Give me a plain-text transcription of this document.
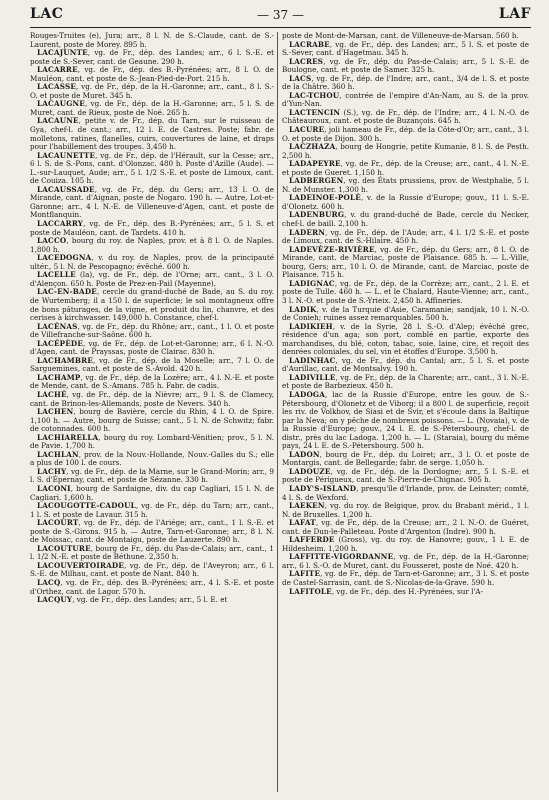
LAC	— 37 —	LAF

Rouges-Truites (e), Jura; arr., 8 l. N. de S.-Claude, cant. de S.-Laurent, poste de Morey. 895 h.

LACAJUNTE, vg. de Fr., dép. des Landes; arr., 6 l. S.-E. et poste de S.-Sever, cant. de Geaune. 290 h.

LACARRE, vg. de Fr., dép. des B.-Pyrénées; arr., 8 l. O. de Mauléon, cant. et poste de S.-Jean-Pied-de-Port. 215 h.

LACASSE, vg. de Fr., dép. de la H.-Garonne; arr., cant., 8 l. S.-O. et poste de Muret. 345 h.

LACAUGNE, vg. de Fr., dép. de la H.-Garonne; arr., 5 l. S. de Muret, cant. de Rieux, poste de Noé. 265 h.

LACAUNE, petite v. de Fr., dép. du Tarn, sur le ruisseau de Gya, chef-l. de cant.; arr., 12 l. E. de Castres. Poste; fabr. de molletons, ratines, flanelles, cuirs, couvertures de laine, et draps pour l'habillement des troupes. 3,450 h.

LACAUNETTE, vg. de Fr., dép. de l'Hérault, sur la Cesse; arr., 6 l. S. de S.-Pons, cant. d'Olonzac. 480 h. Poste d'Azille (Aude). — L.-sur-Lauquet, Aude; arr., 5 l. 1/2 S.-E. et poste de Limoux, cant. de Couiza. 105 h.

LACAUSSADE, vg. de Fr., dép. du Gers; arr., 13 l. O. de Mirande, cant. d'Aignan, poste de Nogaro. 190 h. — Autre, Lot-et-Garonne; arr., 4 l. N.-E. de Villeneuve-d'Agen, cant. et poste de Montflanquin.

LACCARRY, vg. de Fr., dép. des B.-Pyrénées; arr., 5 l. S. et poste de Mauléon, cant. de Tardets. 410 h.

LACCO, bourg du roy. de Naples, prov. et à 8 l. O. de Naples. 1,800 h.

LACEDOGNA, v. du roy. de Naples, prov. de la principauté ultér., 5 l. N. de Pescopagno; évêché. 600 h.

LACELLE (la), vg. de Fr., dép. de l'Orne; arr., cant., 3 l. O. d'Alençon. 650 h. Poste de Prez-en-Pail (Mayenne).

LAC-EN-BADE, cercle du grand-duché de Bade, au S. du roy. de Wurtemberg; il a 150 l. de superficie; le sol montagneux offre de bons pâturages, de la vigne, et produit du lin, chanvre, et des cerises à kirchwasser. 149,000 h. Constance, chef-l.

LACÉNAS, vg. de Fr., dép. du Rhône; arr., cant., 1 l. O. et poste de Villefranche-sur-Saône. 600 h.

LACÉPÈDE, vg. de Fr., dép. de Lot-et-Garonne; arr., 6 l. N.-O. d'Agen, cant. de Prayssas, poste de Clairac. 830 h.

LACHAMBRE, vg. de Fr., dép. de la Moselle; arr., 7 l. O. de Sarguemines, cant. et poste de S.-Avold. 420 h.

LACHAMP, vg. de Fr., dép. de la Lozère; arr., 4 l. N.-E. et poste de Mende, cant. de S.-Amans. 785 h. Fabr. de cadis.

LACHÉ, vg. de Fr., dép. de la Nièvre; arr., 9 l. S. de Clamecy, cant. de Brinon-les-Allemands, poste de Nevers. 340 h.

LACHEN, bourg de Bavière, cercle du Rhin, 4 l. O. de Spire. 1,100 h. — Autre, bourg de Suisse; cant., 5 l. N. de Schwitz; fabr. de cotonnades. 600 h.

LACHIARELLA, bourg du roy. Lombard-Vénitien; prov., 5 l. N. de Pavie. 1,700 h.

LACHLAN, prov. de la Nouv.-Hollande, Nouv.-Galles du S.; elle a plus de 100 l. de cours.

LACHY, vg. de Fr., dép. de la Marne, sur le Grand-Morin; arr., 9 l. S. d'Épernay, cant. et poste de Sézanne. 330 h.

LACONI, bourg de Sardaigne, div. du cap Cagliari, 15 l. N. de Cagliari. 1,600 h.

LACOUGOTTE-CADOUL, vg. de Fr., dép. du Tarn; arr., cant., 1 l. S. et poste de Lavaur. 315 h.

LACOURT, vg. de Fr., dép. de l'Ariége; arr., cant., 1 l. S.-E. et poste de S.-Girons. 915 h. — Autre, Tarn-et-Garonne; arr., 8 l. N. de Moissac, cant. de Montaigu, poste de Lauzerte. 890 h.

LACOUTURE, bourg de Fr., dép. du Pas-de-Calais; arr., cant., 1 l. 1/2 N.-E. et poste de Béthune. 2,350 h.

LACOUVERTOIRADE, vg. de Fr., dép. de l'Aveyron; arr., 6 l. S.-E. de Milhau, cant. et poste de Nant. 840 h.

LACQ, vg. de Fr., dép. des B.-Pyrénées; arr., 4 l. S.-E. et poste d'Orthez, cant. de Lagor. 570 h.

LACQUY, vg. de Fr., dép. des Landes; arr., 5 l. E. et

poste de Mont-de-Marsan, cant. de Villeneuve-de-Marsan. 560 h.

LACRABE, vg. de Fr., dép. des Landes; arr., 5 l. S. et poste de S.-Sever, cant. d'Hagetmau. 345 h.

LACRES, vg. de Fr., dép. du Pas-de-Calais; arr., 5 l. S.-E. de Boulogne, cant. et poste de Samer. 325 h.

LACS, vg. de Fr., dép. de l'Indre; arr., cant., 3/4 de l. S. et poste de la Châtre. 360 h.

LAC-TCHOU, contrée de l'empire d'An-Nam, au S. de la prov. d'Yun-Nan.

LACTENCIN (S.), vg. de Fr., dép. de l'Indre; arr., 4 l. N.-O. de Châteauroux, cant. et poste de Buzançois. 645 h.

LACURE, joli hameau de Fr., dép. de la Côte-d'Or; arr., cant., 3 l. O. et poste de Dijon. 300 h.

LACZHAZA, bourg de Hongrie, petite Kumanie, 8 l. S. de Pesth. 2,500 h.

LADAPEYRE, vg. de Fr., dép. de la Creuse; arr., cant., 4 l. N.-E. et poste de Gueret. 1,150 h.

LADBERGEN, vg. des États prussiens, prov. de Westphalie, 5 l. N. de Munster. 1,300 h.

LADEINOE-POLÉ, v. de la Russie d'Europe; gouv., 11 l. S.-E. d'Olonetz. 600 h.

LADENBURG, v. du grand-duché de Bade, cercle du Necker, chef-l. de baill. 2,100 h.

LADERN, vg. de Fr., dép. de l'Aude; arr., 4 l. 1/2 S.-E. et poste de Limoux, cant. de S.-Hilaire. 450 h.

LADEVÈZE-RIVIÈRE, vg. de Fr., dép. du Gers; arr., 8 l. O. de Mirande, cant. de Marciac, poste de Plaisance. 685 h. — L.-Ville, bourg, Gers; arr., 10 l. O. de Mirande, cant. de Marciac, poste de Plaisance. 715 h.

LADIGNAC, vg. de Fr., dép. de la Corrèze; arr., cant., 2 l. E. et poste de Tulle. 460 h. — L. et le Chalard, Haute-Vienne; arr., cant., 3 l. N.-O. et poste de S.-Yrieix. 2,450 h. Affineries.

LADIK, v. de la Turquie d'Asie, Caramanie; sandjak, 10 l. N.-O. de Conieh; ruines assez remarquables. 500 h.

LADIKIEH, v. de la Syrie, 28 l. S.-O. d'Alep; évêché grec, résidence d'un aga; son port, comblé en partie, exporte des marchandises, du blé, coton, tabac, soie, laine, cire, et reçoit des denrées coloniales, du sel, vin et étoffes d'Europe. 3,500 h.

LADINHAC, vg. de Fr., dép. du Cantal; arr., 5 l. S. et poste d'Aurillac, cant. de Montsalvy. 190 h.

LADIVILLE, vg. de Fr., dép. de la Charente; arr., cant., 3 l. N.-E. et poste de Barbezieux. 450 h.

LADOGA, lac de la Russie d'Europe, entre les gouv. de S.-Pétersbourg, d'Olonetz et de Viborg; il a 800 l. de superficie, reçoit les riv. de Volkhov, de Siasi et de Svir, et s'écoule dans la Baltique par la Neva; on y pêche de nombreux poissons. — L. (Novaia), v. de la Russie d'Europe; gouv., 24 l. E. de S.-Pétersbourg, chef-l. de distr., près du lac Ladoga. 1,200 h. — L. (Staraia), bourg du même pays, 24 l. E. de S.-Pétersbourg. 500 h.

LADON, bourg de Fr., dép. du Loiret; arr., 3 l. O. et poste de Montargis, cant. de Bellegarde; fabr. de serge. 1,050 h.

LADOUZE, vg. de Fr., dép. de la Dordogne; arr., 5 l. S.-E. et poste de Périgueux, cant. de S.-Pierre-de-Chignac. 905 h.

LADY'S-ISLAND, presqu'île d'Irlande, prov. de Leinster; comté, 4 l. S. de Wexford.

LAEKEN, vg. du roy. de Belgique, prov. du Brabant mérid., 1 l. N. de Bruxelles. 1,200 h.

LAFAT, vg. de Fr., dép. de la Creuse; arr., 2 l. N.-O. de Guéret, cant. de Dun-le-Palleteau. Poste d'Argenton (Indre). 900 h.

LAFFERDE (Gross), vg. du roy. de Hanovre; gouv., 1 l. E. de Hildesheim. 1,200 h.

LAFFITTE-VIGORDANNE, vg. de Fr., dép. de la H.-Garonne; arr., 6 l. S.-O. de Muret, cant. du Fousseret, poste de Noé. 420 h.

LAFITE, vg. de Fr., dép. de Tarn-et-Garonne; arr., 3 l. S. et poste de Castel-Sarrasin, cant. de S.-Nicolas-de-la-Grave. 590 h.

LAFITOLE, vg. de Fr., dép. des H.-Pyrénées, sur l'A-
